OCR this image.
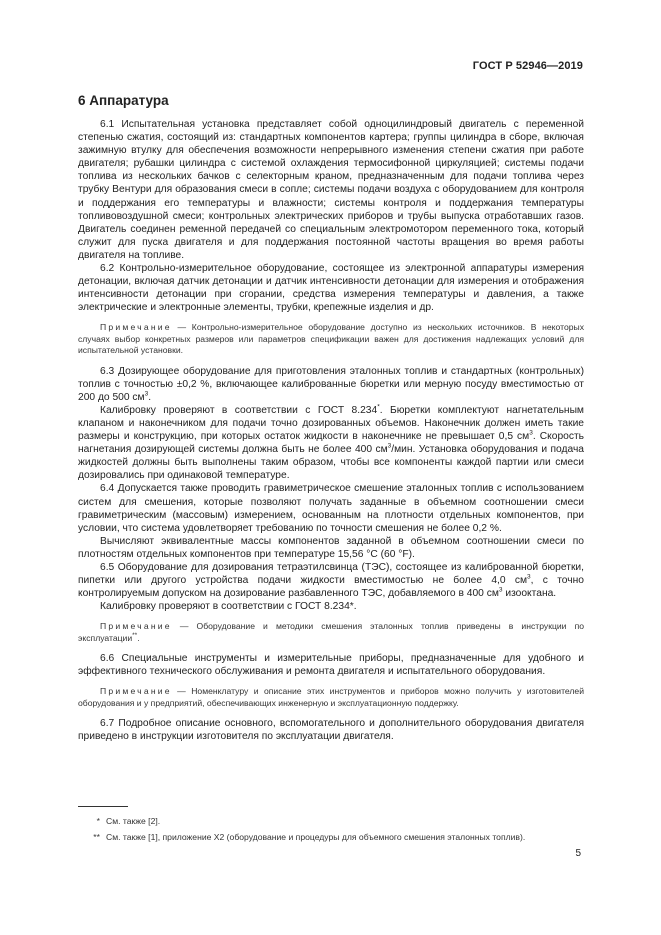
ГОСТ Р 52946—2019
6 Аппаратура

6.1 Испытательная установка представляет собой одноцилиндровый двигатель с переменной степенью сжатия, состоящий из: стандартных компонентов картера; группы цилиндра в сборе, включая зажимную втулку для обеспечения возможности непрерывного изменения степени сжатия при работе двигателя; рубашки цилиндра с системой охлаждения термосифонной циркуляцией; системы подачи топлива из нескольких бачков с селекторным краном, предназначенным для подачи топлива через трубку Вентури для образования смеси в сопле; системы подачи воздуха с оборудованием для контроля и поддержания его температуры и влажности; системы контроля и поддержания температуры топливовоздушной смеси; контрольных электрических приборов и трубы выпуска отработавших газов. Двигатель соединен ременной передачей со специальным электромотором переменного тока, который служит для пуска двигателя и для поддержания постоянной частоты вращения во время работы двигателя на топливе.

6.2 Контрольно-измерительное оборудование, состоящее из электронной аппаратуры измерения детонации, включая датчик детонации и датчик интенсивности детонации для измерения и отображения интенсивности детонации при сгорании, средства измерения температуры и давления, а также электрические и электронные элементы, трубки, крепежные изделия и др.

Примечание — Контрольно-измерительное оборудование доступно из нескольких источников. В некоторых случаях выбор конкретных размеров или параметров спецификации важен для достижения надлежащих условий для испытательной установки.

6.3 Дозирующее оборудование для приготовления эталонных топлив и стандартных (контрольных) топлив с точностью ±0,2 %, включающее калиброванные бюретки или мерную посуду вместимостью от 200 до 500 $см^3$.

Калибровку проверяют в соответствии с ГОСТ 8.234*. Бюретки комплектуют нагнетательным клапаном и наконечником для подачи точно дозированных объемов. Наконечник должен иметь такие размеры и конструкцию, при которых остаток жидкости в наконечнике не превышает 0,5 $см^3$. Скорость нагнетания дозирующей системы должна быть не более 400 $см^3$/мин. Установка оборудования и подача жидкостей должны быть выполнены таким образом, чтобы все компоненты каждой партии или смеси дозировались при одинаковой температуре.

6.4 Допускается также проводить гравиметрическое смешение эталонных топлив с использованием систем для смешения, которые позволяют получать заданные в объемном соотношении смеси гравиметрическим (массовым) измерением, основанным на плотности отдельных компонентов, при условии, что система удовлетворяет требованию по точности смешения не более 0,2 %.

Вычисляют эквивалентные массы компонентов заданной в объемном соотношении смеси по плотностям отдельных компонентов при температуре 15,56 °С (60 °F).

6.5 Оборудование для дозирования тетраэтилсвинца (ТЭС), состоящее из калиброванной бюретки, пипетки или другого устройства подачи жидкости вместимостью не более 4,0 $см^3$, с точно контролируемым допуском на дозирование разбавленного ТЭС, добавляемого в 400 $см^3$ изооктана.

Калибровку проверяют в соответствии с ГОСТ 8.234*.

Примечание — Оборудование и методики смешения эталонных топлив приведены в инструкции по эксплуатации**.

6.6 Специальные инструменты и измерительные приборы, предназначенные для удобного и эффективного технического обслуживания и ремонта двигателя и испытательного оборудования.

Примечание — Номенклатуру и описание этих инструментов и приборов можно получить у изготовителей оборудования и у предприятий, обеспечивающих инженерную и эксплуатационную поддержку.

6.7 Подробное описание основного, вспомогательного и дополнительного оборудования двигателя приведено в инструкции изготовителя по эксплуатации двигателя.

* См. также [2].
** См. также [1], приложение X2 (оборудование и процедуры для объемного смешения эталонных топлив).
5
